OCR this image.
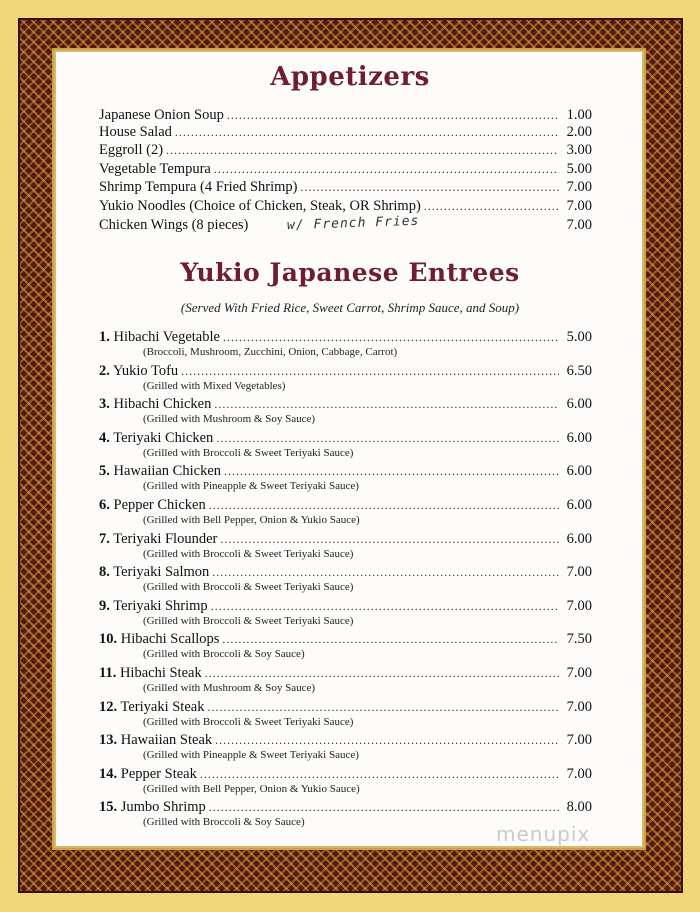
Appetizers
Japanese Onion Soup .....	1.00
House Salad .....	2.00
Eggroll (2) .....	3.00
Vegetable Tempura .....	5.00
Shrimp Tempura (4 Fried Shrimp) .....	7.00
Yukio Noodles (Choice of Chicken, Steak, OR Shrimp) .....	7.00
Chicken Wings (8 pieces)	7.00
w/ French Fries
Yukio Japanese Entrees
(Served With Fried Rice, Sweet Carrot, Shrimp Sauce, and Soup)
1. Hibachi Vegetable .....	5.00
(Broccoli, Mushroom, Zucchini, Onion, Cabbage, Carrot)
2. Yukio Tofu .....	6.50
(Grilled with Mixed Vegetables)
3. Hibachi Chicken .....	6.00
(Grilled with Mushroom & Soy Sauce)
4. Teriyaki Chicken .....	6.00
(Grilled with Broccoli & Sweet Teriyaki Sauce)
5. Hawaiian Chicken .....	6.00
(Grilled with Pineapple & Sweet Teriyaki Sauce)
6. Pepper Chicken .....	6.00
(Grilled with Bell Pepper, Onion & Yukio Sauce)
7. Teriyaki Flounder .....	6.00
(Grilled with Broccoli & Sweet Teriyaki Sauce)
8. Teriyaki Salmon .....	7.00
(Grilled with Broccoli & Sweet Teriyaki Sauce)
9. Teriyaki Shrimp .....	7.00
(Grilled with Broccoli & Sweet Teriyaki Sauce)
10. Hibachi Scallops .....	7.50
(Grilled with Broccoli & Soy Sauce)
11. Hibachi Steak .....	7.00
(Grilled with Mushroom & Soy Sauce)
12. Teriyaki Steak .....	7.00
(Grilled with Broccoli & Sweet Teriyaki Sauce)
13. Hawaiian Steak .....	7.00
(Grilled with Pineapple & Sweet Teriyaki Sauce)
14. Pepper Steak .....	7.00
(Grilled with Bell Pepper, Onion & Yukio Sauce)
15. Jumbo Shrimp .....	8.00
(Grilled with Broccoli & Soy Sauce)	menupix
